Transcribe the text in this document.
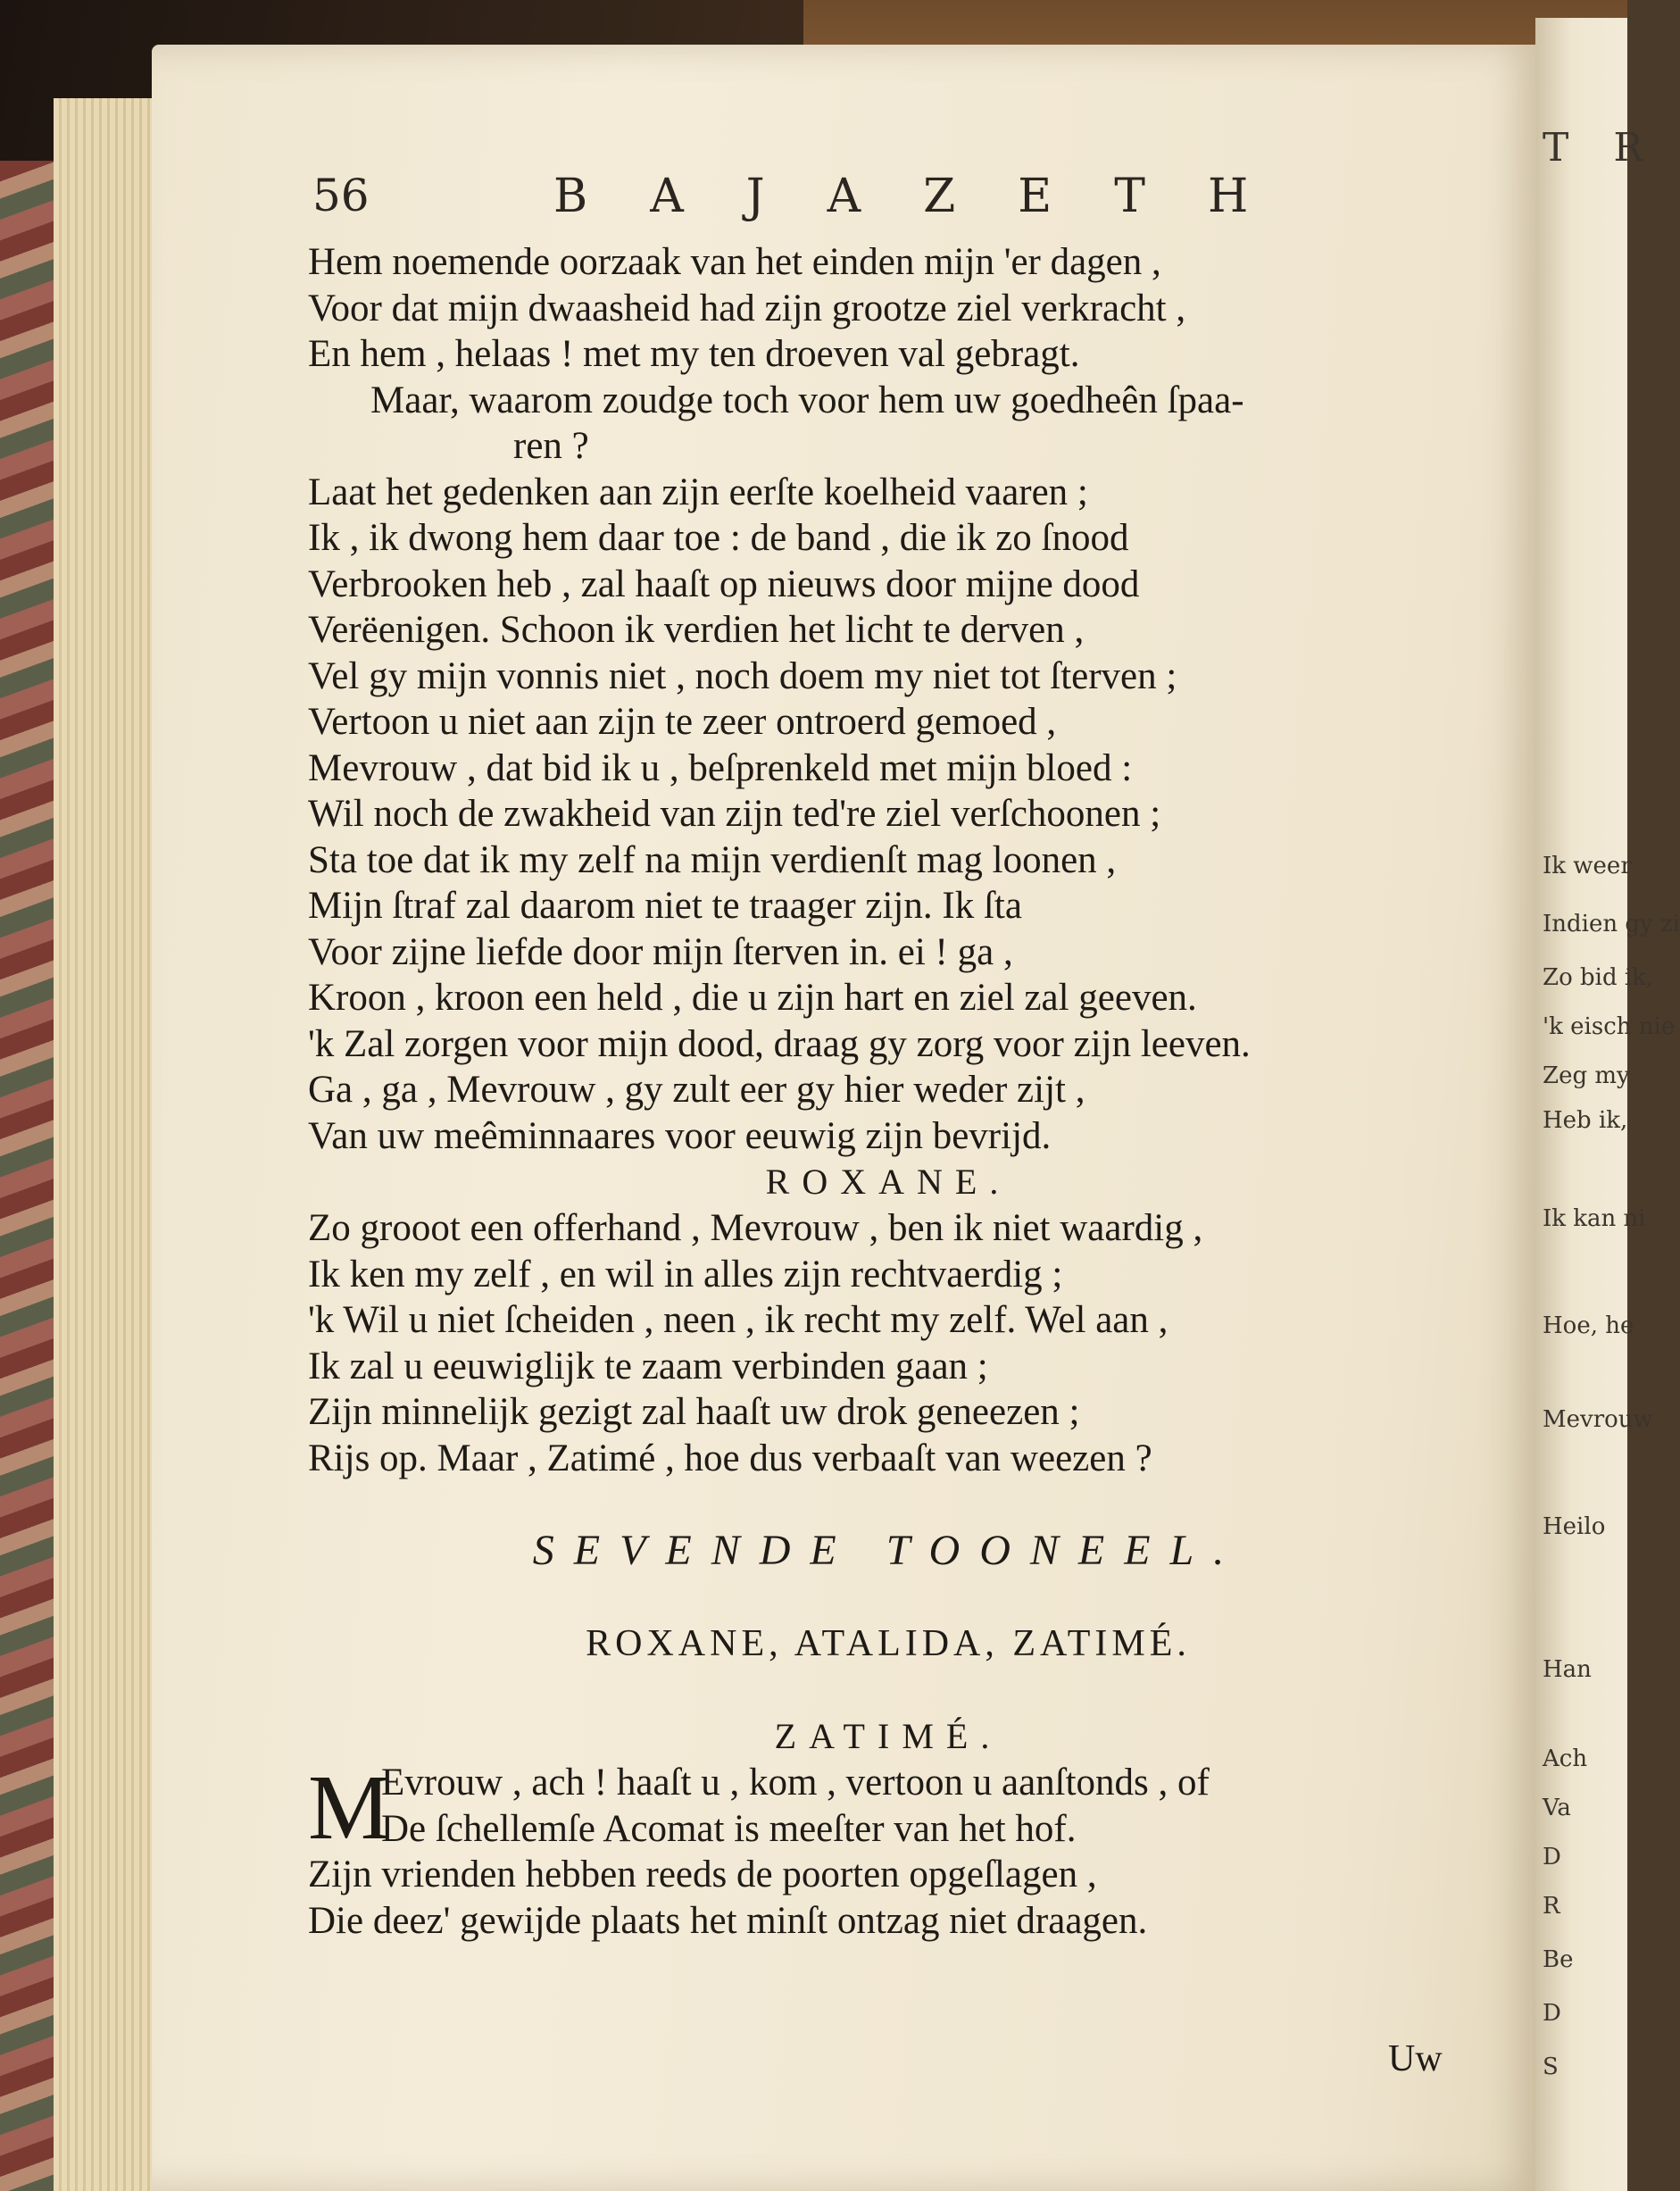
T R
Ik weer
Indien gy zi
Zo bid ik,
'k eisch nie
Zeg my
Heb ik,
Ik kan ni
Hoe, he
Mevrouw
Heilo
Han
Ach
Va
D
R
Be
D
S
56	BAJAZETH
Hem noemende oorzaak van het einden mijn 'er dagen ,
Voor dat mijn dwaasheid had zijn grootze ziel verkracht ,
En hem , helaas ! met my ten droeven val gebragt.
Maar, waarom zoudge toch voor hem uw goedheên ſpaa-
ren ?
Laat het gedenken aan zijn eerſte koelheid vaaren ;
Ik , ik dwong hem daar toe : de band , die ik zo ſnood
Verbrooken heb , zal haaſt op nieuws door mijne dood
Verëenigen. Schoon ik verdien het licht te derven ,
Vel gy mijn vonnis niet , noch doem my niet tot ſterven ;
Vertoon u niet aan zijn te zeer ontroerd gemoed ,
Mevrouw , dat bid ik u , beſprenkeld met mijn bloed :
Wil noch de zwakheid van zijn ted're ziel verſchoonen ;
Sta toe dat ik my zelf na mijn verdienſt mag loonen ,
Mijn ſtraf zal daarom niet te traager zijn. Ik ſta
Voor zijne liefde door mijn ſterven in. ei ! ga ,
Kroon , kroon een held , die u zijn hart en ziel zal geeven.
'k Zal zorgen voor mijn dood, draag gy zorg voor zijn leeven.
Ga , ga , Mevrouw , gy zult eer gy hier weder zijt ,
Van uw meêminnaares voor eeuwig zijn bevrijd.
ROXANE.
Zo grooot een offerhand , Mevrouw , ben ik niet waardig ,
Ik ken my zelf , en wil in alles zijn rechtvaerdig ;
'k Wil u niet ſcheiden , neen , ik recht my zelf. Wel aan ,
Ik zal u eeuwiglijk te zaam verbinden gaan ;
Zijn minnelijk gezigt zal haaſt uw drok geneezen ;
Rijs op. Maar , Zatimé , hoe dus verbaaſt van weezen ?
SEVENDE TOONEEL.
ROXANE, ATALIDA, ZATIMÉ.
ZATIMÉ.
M
Evrouw , ach ! haaſt u , kom , vertoon u aanſtonds , of
De ſchellemſe Acomat is meeſter van het hof.
Zijn vrienden hebben reeds de poorten opgeſlagen ,
Die deez' gewijde plaats het minſt ontzag niet draagen.
Uw
